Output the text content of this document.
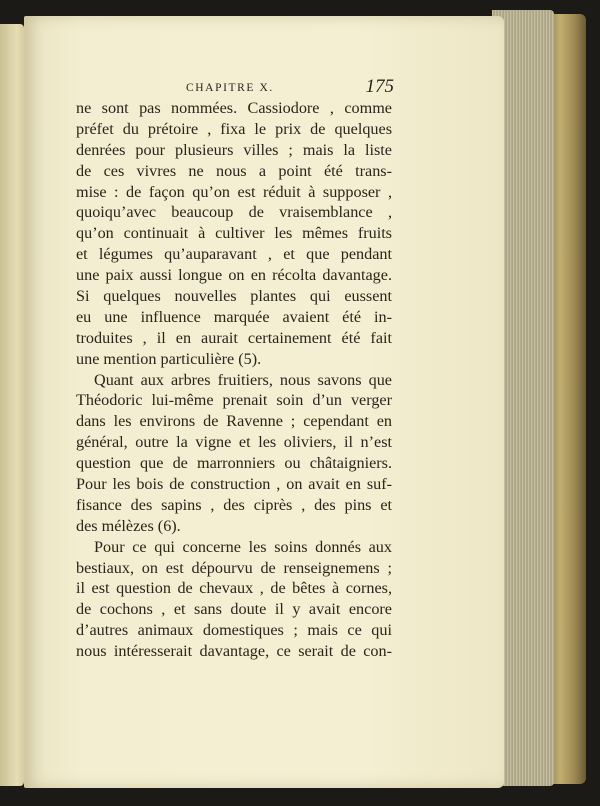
CHAPITRE X.	175
ne sont pas nommées. Cassiodore , comme
préfet du prétoire , fixa le prix de quelques
denrées pour plusieurs villes ; mais la liste
de ces vivres ne nous a point été trans-
mise : de façon qu’on est réduit à supposer ,
quoiqu’avec beaucoup de vraisemblance ,
qu’on continuait à cultiver les mêmes fruits
et légumes qu’auparavant , et que pendant
une paix aussi longue on en récolta davantage.
Si quelques nouvelles plantes qui eussent
eu une influence marquée avaient été in-
troduites , il en aurait certainement été fait
une mention particulière (5).
Quant aux arbres fruitiers, nous savons que
Théodoric lui-même prenait soin d’un verger
dans les environs de Ravenne ; cependant en
général, outre la vigne et les oliviers, il n’est
question que de marronniers ou châtaigniers.
Pour les bois de construction , on avait en suf-
fisance des sapins , des ciprès , des pins et
des mélèzes (6).
Pour ce qui concerne les soins donnés aux
bestiaux, on est dépourvu de renseignemens ;
il est question de chevaux , de bêtes à cornes,
de cochons , et sans doute il y avait encore
d’autres animaux domestiques ; mais ce qui
nous intéresserait davantage, ce serait de con-
